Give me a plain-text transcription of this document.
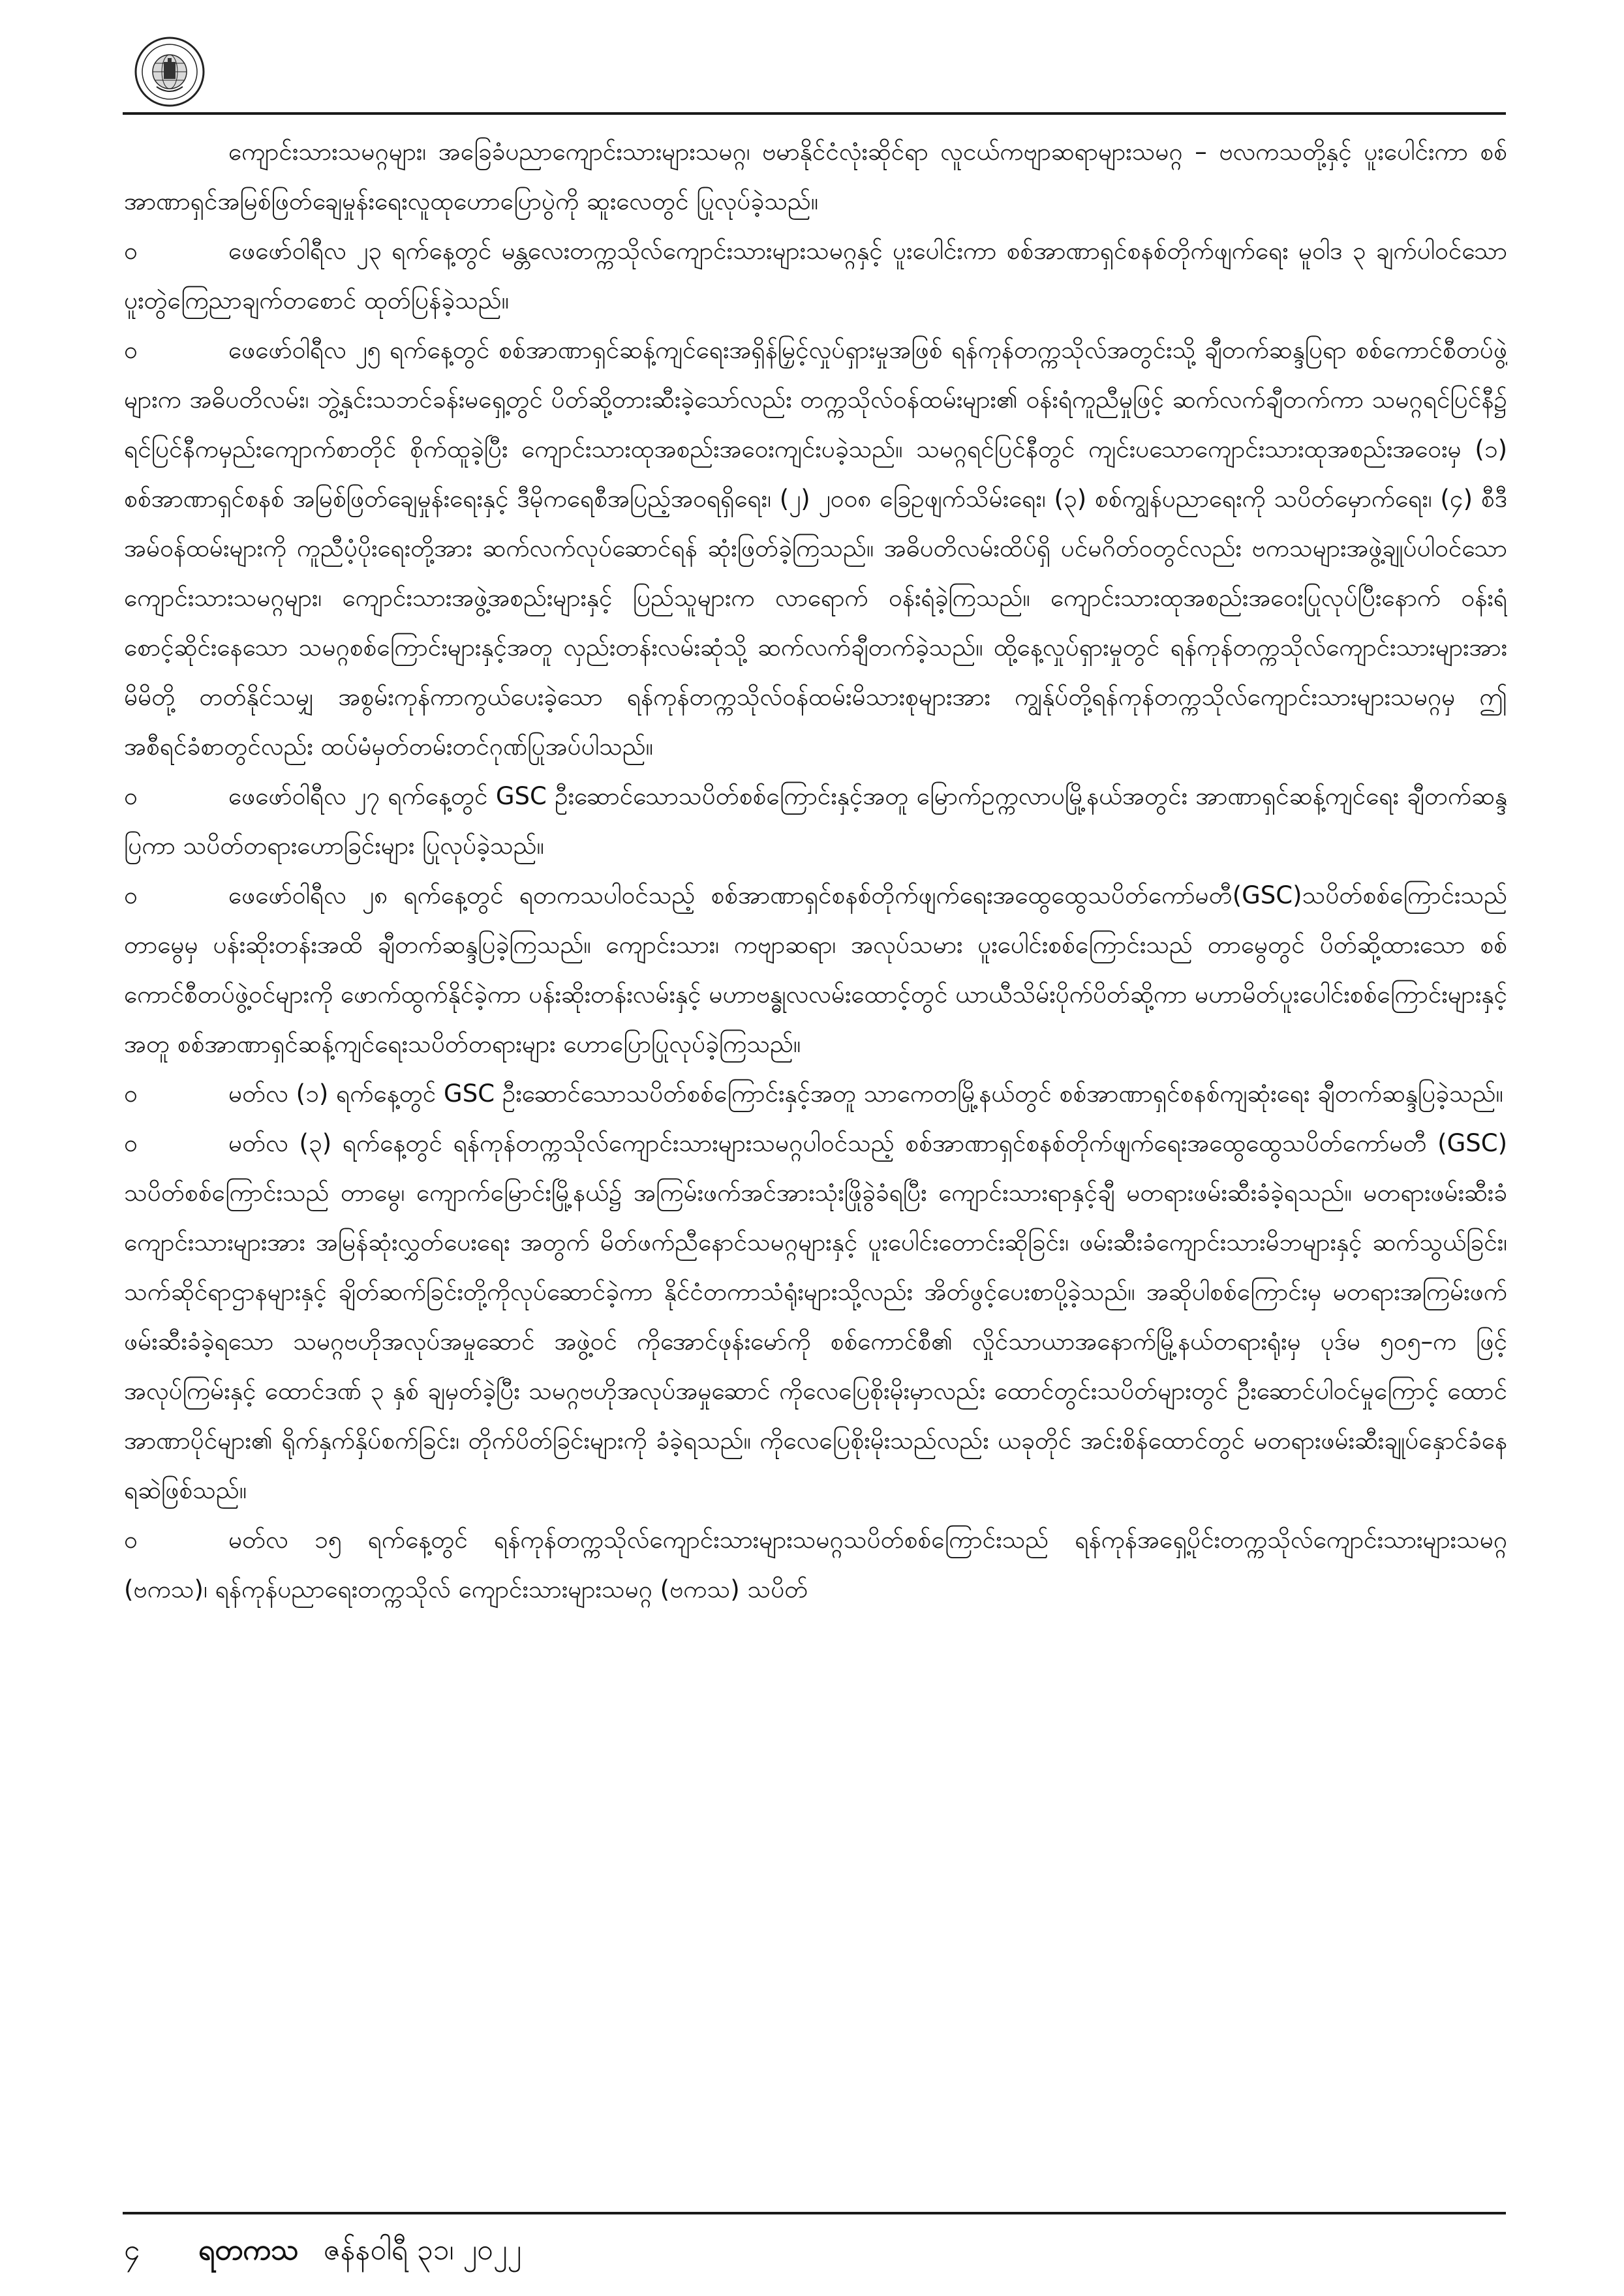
ကျောင်းသားသမဂ္ဂများ၊ အခြေခံပညာကျောင်းသားများသမဂ္ဂ၊ ဗမာနိုင်ငံလုံးဆိုင်ရာ လူငယ်ကဗျာဆရာများသမဂ္ဂ – ဗလကသတို့နှင့် ပူးပေါင်းကာ စစ်အာဏာရှင်အမြစ်ဖြတ်ချေမှုန်းရေးလူထုဟောပြောပွဲကို ဆူးလေတွင် ပြုလုပ်ခဲ့သည်။

ဝ	ဖေဖော်ဝါရီလ ၂၃ ရက်နေ့တွင် မန္တလေးတက္ကသိုလ်ကျောင်းသားများသမဂ္ဂနှင့် ပူးပေါင်းကာ စစ်အာဏာရှင်စနစ်တိုက်ဖျက်ရေး မူဝါဒ ၃ ချက်ပါဝင်သော ပူးတွဲကြေညာချက်တစောင် ထုတ်ပြန်ခဲ့သည်။

ဝ	ဖေဖော်ဝါရီလ ၂၅ ရက်နေ့တွင် စစ်အာဏာရှင်ဆန့်ကျင်ရေးအရှိန်မြှင့်လှုပ်ရှားမှုအဖြစ် ရန်ကုန်တက္ကသိုလ်အတွင်းသို့ ချီတက်ဆန္ဒပြရာ စစ်ကောင်စီတပ်ဖွဲ့များက အဓိပတိလမ်း၊ ဘွဲ့နှင်းသဘင်ခန်းမရှေ့တွင် ပိတ်ဆို့တားဆီးခဲ့သော်လည်း တက္ကသိုလ်ဝန်ထမ်းများ၏ ဝန်းရံကူညီမှုဖြင့် ဆက်လက်ချီတက်ကာ သမဂ္ဂရင်ပြင်နီ၌ ရင်ပြင်နီကမှည်းကျောက်စာတိုင် စိုက်ထူခဲ့ပြီး ကျောင်းသားထုအစည်းအဝေးကျင်းပခဲ့သည်။ သမဂ္ဂရင်ပြင်နီတွင် ကျင်းပသောကျောင်းသားထုအစည်းအဝေးမှ (၁) စစ်အာဏာရှင်စနစ် အမြစ်ဖြတ်ချေမှုန်းရေးနှင့် ဒီမိုကရေစီအပြည့်အဝရရှိရေး၊ (၂) ၂၀၀၈ ခြေဥဖျက်သိမ်းရေး၊ (၃) စစ်ကျွန်ပညာရေးကို သပိတ်မှောက်ရေး၊ (၄) စီဒီအမ်ဝန်ထမ်းများကို ကူညီပံ့ပိုးရေးတို့အား ဆက်လက်လုပ်ဆောင်ရန် ဆုံးဖြတ်ခဲ့ကြသည်။ အဓိပတိလမ်းထိပ်ရှိ ပင်မဂိတ်ဝတွင်လည်း ဗကသများအဖွဲ့ချုပ်ပါဝင်သော ကျောင်းသားသမဂ္ဂများ၊ ကျောင်းသားအဖွဲ့အစည်းများနှင့် ပြည်သူများက လာရောက် ဝန်းရံခဲ့ကြသည်။ ကျောင်းသားထုအစည်းအဝေးပြုလုပ်ပြီးနောက် ဝန်းရံစောင့်ဆိုင်းနေသော သမဂ္ဂစစ်ကြောင်းများနှင့်အတူ လှည်းတန်းလမ်းဆုံသို့ ဆက်လက်ချီတက်ခဲ့သည်။ ထို့နေ့လှုပ်ရှားမှုတွင် ရန်ကုန်တက္ကသိုလ်ကျောင်းသားများအား မိမိတို့ တတ်နိုင်သမျှ အစွမ်းကုန်ကာကွယ်ပေးခဲ့သော ရန်ကုန်တက္ကသိုလ်ဝန်ထမ်းမိသားစုများအား ကျွန်ုပ်တို့ရန်ကုန်တက္ကသိုလ်ကျောင်းသားများသမဂ္ဂမှ ဤအစီရင်ခံစာတွင်လည်း ထပ်မံမှတ်တမ်းတင်ဂုဏ်ပြုအပ်ပါသည်။

ဝ	ဖေဖော်ဝါရီလ ၂၇ ရက်နေ့တွင် GSC ဦးဆောင်သောသပိတ်စစ်ကြောင်းနှင့်အတူ မြောက်ဥက္ကလာပမြို့နယ်အတွင်း အာဏာရှင်ဆန့်ကျင်ရေး ချီတက်ဆန္ဒပြကာ သပိတ်တရားဟောခြင်းများ ပြုလုပ်ခဲ့သည်။

ဝ	ဖေဖော်ဝါရီလ ၂၈ ရက်နေ့တွင် ရတကသပါဝင်သည့် စစ်အာဏာရှင်စနစ်တိုက်ဖျက်ရေးအထွေထွေသပိတ်ကော်မတီ(GSC)သပိတ်စစ်ကြောင်းသည် တာမွေမှ ပန်းဆိုးတန်းအထိ ချီတက်ဆန္ဒပြခဲ့ကြသည်။ ကျောင်းသား၊ ကဗျာဆရာ၊ အလုပ်သမား ပူးပေါင်းစစ်ကြောင်းသည် တာမွေတွင် ပိတ်ဆို့ထားသော စစ်ကောင်စီတပ်ဖွဲ့ဝင်များကို ဖောက်ထွက်နိုင်ခဲ့ကာ ပန်းဆိုးတန်းလမ်းနှင့် မဟာဗန္ဓုလလမ်းထောင့်တွင် ယာယီသိမ်းပိုက်ပိတ်ဆို့ကာ မဟာမိတ်ပူးပေါင်းစစ်ကြောင်းများနှင့်အတူ စစ်အာဏာရှင်ဆန့်ကျင်ရေးသပိတ်တရားများ ဟောပြောပြုလုပ်ခဲ့ကြသည်။

ဝ	မတ်လ (၁) ရက်နေ့တွင် GSC ဦးဆောင်သောသပိတ်စစ်ကြောင်းနှင့်အတူ သာကေတမြို့နယ်တွင် စစ်အာဏာရှင်စနစ်ကျဆုံးရေး ချီတက်ဆန္ဒပြခဲ့သည်။

ဝ	မတ်လ (၃) ရက်နေ့တွင် ရန်ကုန်တက္ကသိုလ်ကျောင်းသားများသမဂ္ဂပါဝင်သည့် စစ်အာဏာရှင်စနစ်တိုက်ဖျက်ရေးအထွေထွေသပိတ်ကော်မတီ (GSC) သပိတ်စစ်ကြောင်းသည် တာမွေ၊ ကျောက်မြောင်းမြို့နယ်၌ အကြမ်းဖက်အင်အားသုံးဖြိုခွဲခံရပြီး ကျောင်းသားရာနှင့်ချီ မတရားဖမ်းဆီးခံခဲ့ရသည်။ မတရားဖမ်းဆီးခံကျောင်းသားများအား အမြန်ဆုံးလွှတ်ပေးရေး အတွက် မိတ်ဖက်ညီနောင်သမဂ္ဂများနှင့် ပူးပေါင်းတောင်းဆိုခြင်း၊ ဖမ်းဆီးခံကျောင်းသားမိဘများနှင့် ဆက်သွယ်ခြင်း၊ သက်ဆိုင်ရာဌာနများနှင့် ချိတ်ဆက်ခြင်းတို့ကိုလုပ်ဆောင်ခဲ့ကာ နိုင်ငံတကာသံရုံးများသို့လည်း အိတ်ဖွင့်ပေးစာပို့ခဲ့သည်။ အဆိုပါစစ်ကြောင်းမှ မတရားအကြမ်းဖက်ဖမ်းဆီးခံခဲ့ရသော သမဂ္ဂဗဟိုအလုပ်အမှုဆောင် အဖွဲ့ဝင် ကိုအောင်ဖုန်းမော်ကို စစ်ကောင်စီ၏ လှိုင်သာယာအနောက်မြို့နယ်တရားရုံးမှ ပုဒ်မ ၅၀၅–က ဖြင့် အလုပ်ကြမ်းနှင့် ထောင်ဒဏ် ၃ နှစ် ချမှတ်ခဲ့ပြီး သမဂ္ဂဗဟိုအလုပ်အမှုဆောင် ကိုလေပြေစိုးမိုးမှာလည်း ထောင်တွင်းသပိတ်များတွင် ဦးဆောင်ပါဝင်မှုကြောင့် ထောင်အာဏာပိုင်များ၏ ရိုက်နှက်နှိပ်စက်ခြင်း၊ တိုက်ပိတ်ခြင်းများကို ခံခဲ့ရသည်။ ကိုလေပြေစိုးမိုးသည်လည်း ယခုတိုင် အင်းစိန်ထောင်တွင် မတရားဖမ်းဆီးချုပ်နှောင်ခံနေရဆဲဖြစ်သည်။

ဝ	မတ်လ ၁၅ ရက်နေ့တွင် ရန်ကုန်တက္ကသိုလ်ကျောင်းသားများသမဂ္ဂသပိတ်စစ်ကြောင်းသည် ရန်ကုန်အရှေ့ပိုင်းတက္ကသိုလ်ကျောင်းသားများသမဂ္ဂ (ဗကသ)၊ ရန်ကုန်ပညာရေးတက္ကသိုလ် ကျောင်းသားများသမဂ္ဂ (ဗကသ) သပိတ်

၄ ရတကသ ဇန်နဝါရီ ၃၁၊ ၂၀၂၂
